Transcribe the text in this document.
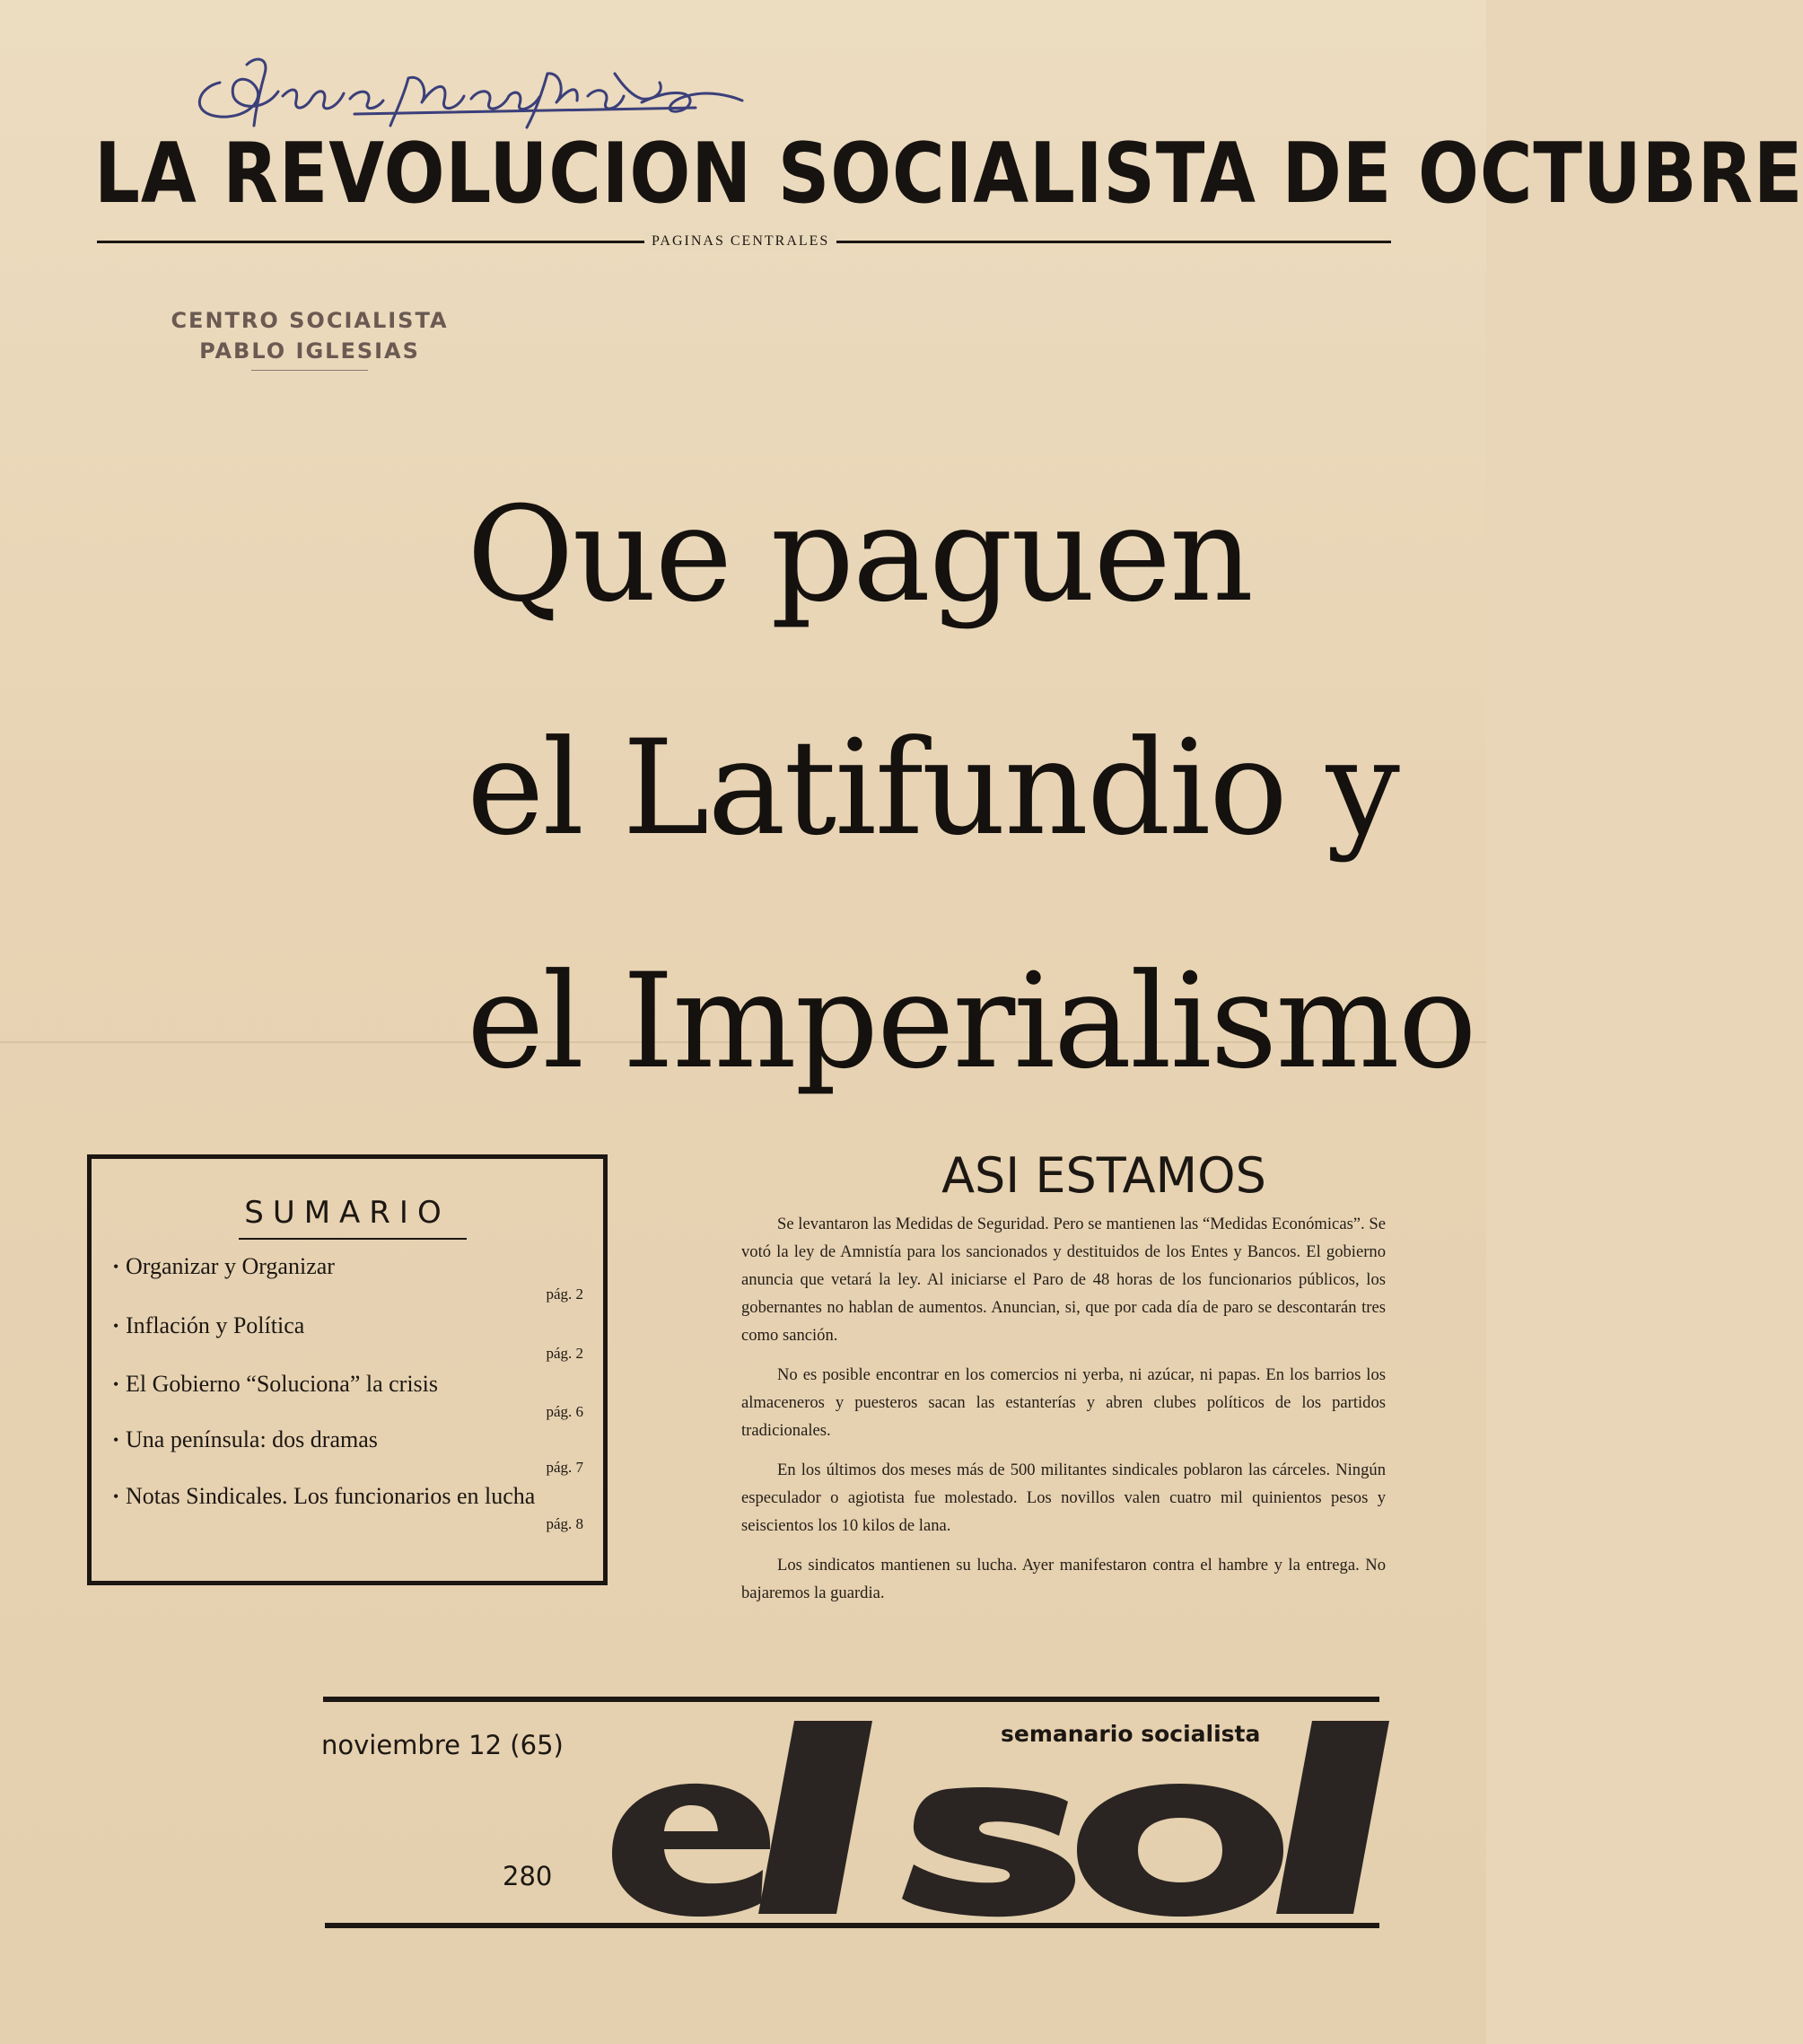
LA REVOLUCION SOCIALISTA DE OCTUBRE
PAGINAS CENTRALES
CENTRO SOCIALISTA
PABLO IGLESIAS
Que paguen
el Latifundio y
el Imperialismo
SUMARIO
• Organizar y Organizar
pág. 2
• Inflación y Política
pág. 2
• El Gobierno “Soluciona” la crisis
pág. 6
• Una península: dos dramas
pág. 7
• Notas Sindicales. Los funcionarios en lucha
pág. 8
ASI ESTAMOS

Se levantaron las Medidas de Seguridad. Pero se mantienen las “Medidas Económicas”. Se votó la ley de Amnistía para los sancionados y destituidos de los Entes y Bancos. El gobierno anuncia que vetará la ley. Al iniciarse el Paro de 48 horas de los funcionarios públicos, los gobernantes no hablan de aumentos. Anuncian, si, que por cada día de paro se descontarán tres como sanción.

No es posible encontrar en los comercios ni yerba, ni azúcar, ni papas. En los barrios los almaceneros y puesteros sacan las estanterías y abren clubes políticos de los partidos tradicionales.

En los últimos dos meses más de 500 militantes sindicales poblaron las cárceles. Ningún especulador o agiotista fue molestado. Los novillos valen cuatro mil quinientos pesos y seiscientos los 10 kilos de lana.

Los sindicatos mantienen su lucha. Ayer manifestaron contra el hambre y la entrega. No bajaremos la guardia.

noviembre 12 (65)
280
semanario socialista
